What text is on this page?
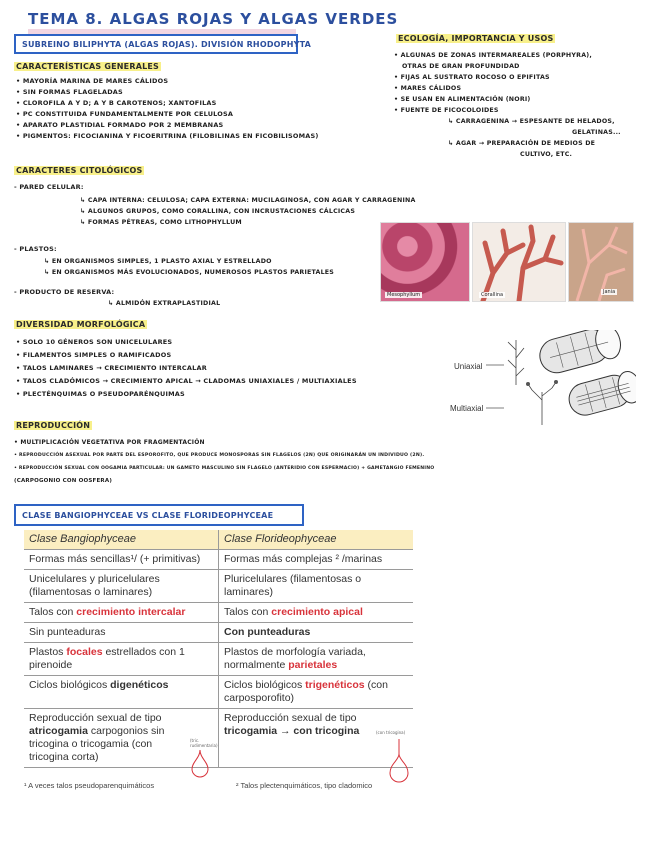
TEMA 8. ALGAS ROJAS Y ALGAS VERDES
SUBREINO BILIPHYTA (ALGAS ROJAS). DIVISIÓN RHODOPHYTA
CARACTERÍSTICAS GENERALES
• MAYORÍA MARINA DE MARES CÁLIDOS
• SIN FORMAS FLAGELADAS
• CLOROFILA A Y D; Α Y Β CAROTENOS; XANTOFILAS
• PC CONSTITUIDA FUNDAMENTALMENTE POR CELULOSA
• APARATO PLASTIDIAL FORMADO POR 2 MEMBRANAS
• PIGMENTOS: FICOCIANINA Y FICOERITRINA (FILOBILINAS EN FICOBILISOMAS)
ECOLOGÍA, IMPORTANCIA Y USOS
• ALGUNAS DE ZONAS INTERMAREALES (PORPHYRA),
OTRAS DE GRAN PROFUNDIDAD
• FIJAS AL SUSTRATO ROCOSO O EPIFITAS
• MARES CÁLIDOS
• SE USAN EN ALIMENTACIÓN (NORI)
• FUENTE DE FICOCOLOIDES
↳ CARRAGENINA → ESPESANTE DE HELADOS,
GELATINAS...
↳ AGAR → PREPARACIÓN DE MEDIOS DE
CULTIVO, ETC.
CARACTERES CITOLÓGICOS
- PARED CELULAR:
↳ CAPA INTERNA: CELULOSA; CAPA EXTERNA: MUCILAGINOSA, CON AGAR Y CARRAGENINA
↳ ALGUNOS GRUPOS, COMO CORALLINA, CON INCRUSTACIONES CÁLCICAS
↳ FORMAS PÉTREAS, COMO LITHOPHYLLUM
- PLASTOS:
↳ EN ORGANISMOS SIMPLES, 1 PLASTO AXIAL Y ESTRELLADO
↳ EN ORGANISMOS MÁS EVOLUCIONADOS, NUMEROSOS PLASTOS PARIETALES
- PRODUCTO DE RESERVA:
↳ ALMIDÓN EXTRAPLASTIDIAL
Mesophyllum	Corallina	Jania
DIVERSIDAD MORFOLÓGICA
• SOLO 10 GÉNEROS SON UNICELULARES
• FILAMENTOS SIMPLES O RAMIFICADOS
• TALOS LAMINARES → CRECIMIENTO INTERCALAR
• TALOS CLADÓMICOS → CRECIMIENTO APICAL → CLADOMAS UNIAXIALES / MULTIAXIALES
• PLECTÉNQUIMAS O PSEUDOPARÉNQUIMAS
Uniaxial
Multiaxial
REPRODUCCIÓN
• MULTIPLICACIÓN VEGETATIVA POR FRAGMENTACIÓN
• REPRODUCCIÓN ASEXUAL POR PARTE DEL ESPOROFITO, QUE PRODUCE MONOSPORAS SIN FLAGELOS (2N) QUE ORIGINARÁN UN INDIVIDUO (2N).
• REPRODUCCIÓN SEXUAL CON OOGAMIA PARTICULAR: UN GAMETO MASCULINO SIN FLAGELO (ANTERIDIO CON ESPERMACIO) + GAMETANGIO FEMENINO
(CARPOGONIO CON OOSFERA)
CLASE BANGIOPHYCEAE VS CLASE FLORIDEOPHYCEAE
Clase Bangiophyceae	Clase Florideophyceae
Formas más sencillas¹/ (+ primitivas)	Formas más complejas ² /marinas
Unicelulares y pluricelulares (filamentosas o laminares)	Pluricelulares (filamentosas o laminares)
Talos con crecimiento intercalar	Talos con crecimiento apical
Sin punteaduras	Con punteaduras
Plastos focales estrellados con 1 pirenoide	Plastos de morfología variada, normalmente parietales
Ciclos biológicos digenéticos	Ciclos biológicos trigenéticos (con carposporofito)
Reproducción sexual de tipo atricogamia carpogonios sin tricogina o tricogamia (con tricogina corta)	Reproducción sexual de tipo tricogamia → con tricogina
(tric. rudimentaria)
(con tricogina)
¹ A veces talos pseudoparenquimáticos	² Talos plectenquimáticos, tipo cladomico
